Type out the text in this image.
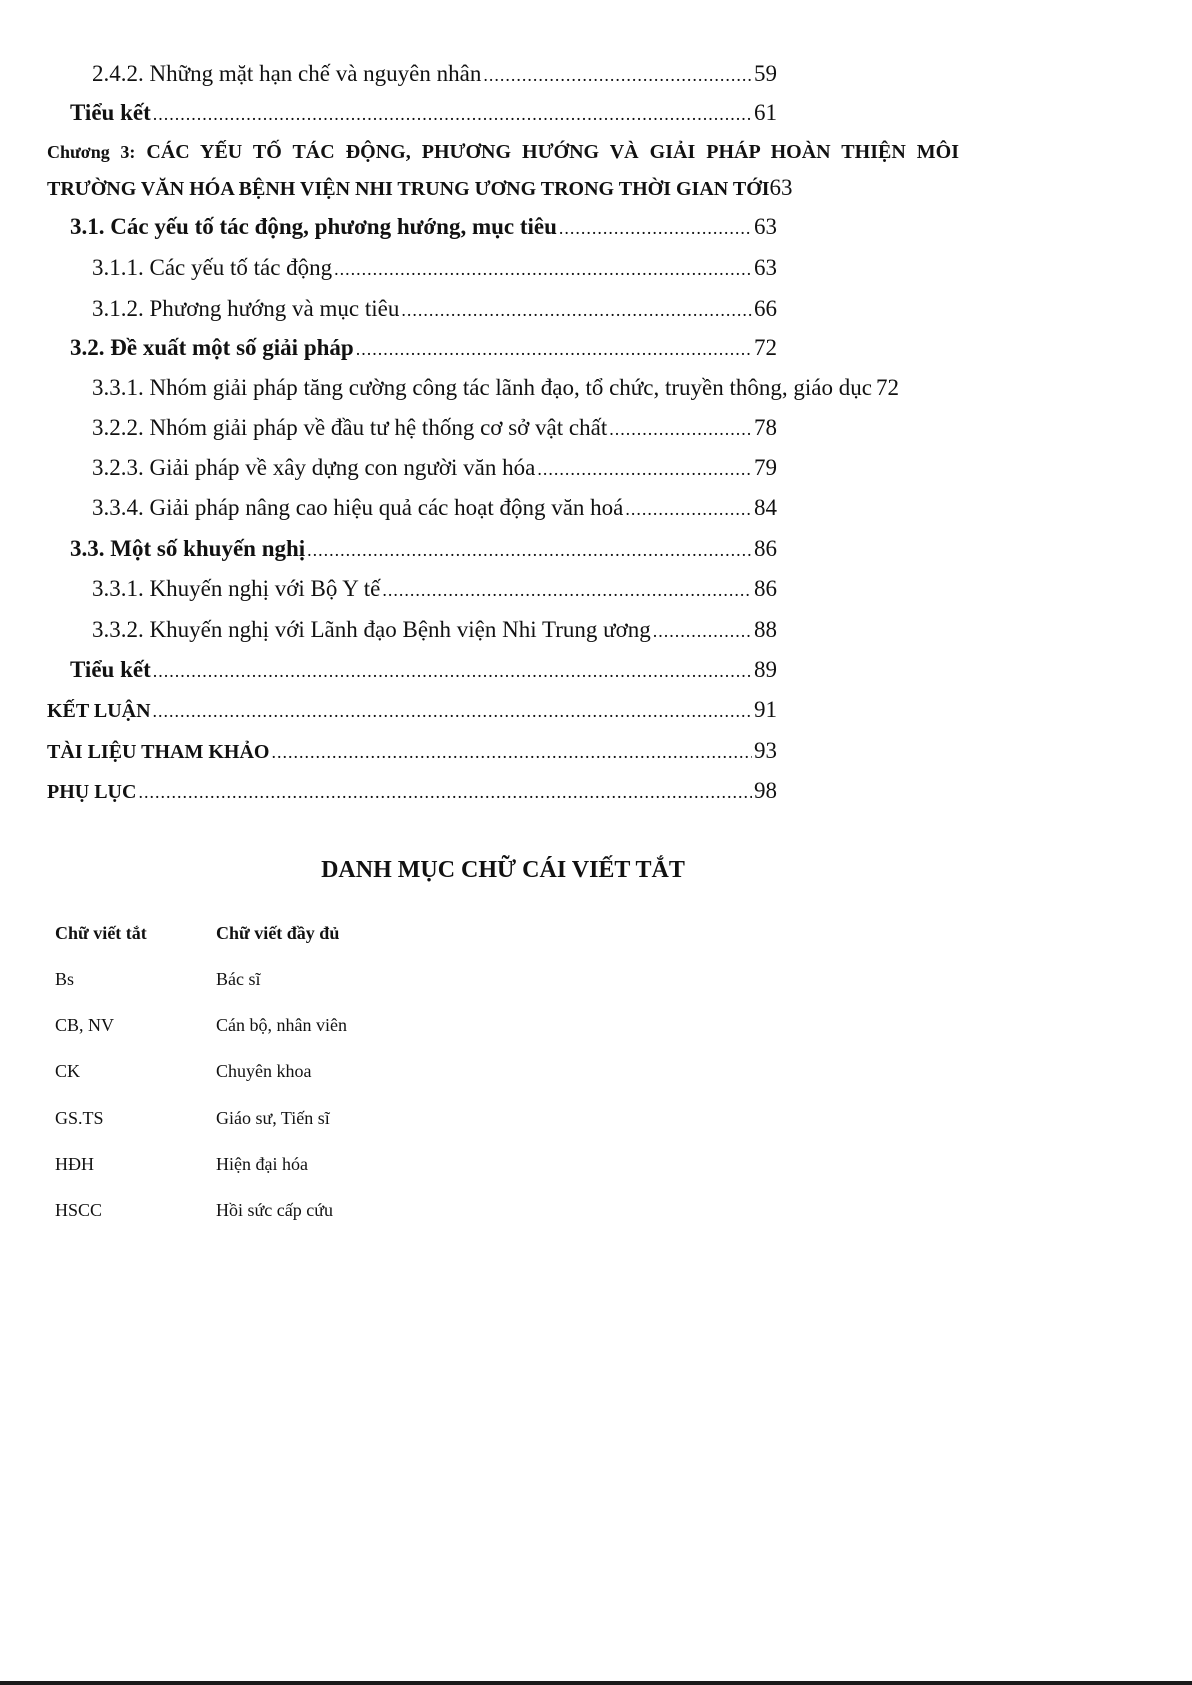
2.4.2. Những mặt hạn chế và nguyên nhân .....	59
Tiểu kết .....	61
Chương 3: CÁC YẾU TỐ TÁC ĐỘNG, PHƯƠNG HƯỚNG VÀ GIẢI PHÁP HOÀN THIỆN MÔI TRƯỜNG VĂN HÓA BỆNH VIỆN NHI TRUNG ƯƠNG TRONG THỜI GIAN TỚI63
3.1. Các yếu tố tác động, phương hướng, mục tiêu .....	63
3.1.1. Các yếu tố tác động .....	63
3.1.2. Phương hướng và mục tiêu .....	66
3.2. Đề xuất một số giải pháp .....	72
3.3.1. Nhóm giải pháp tăng cường công tác lãnh đạo, tổ chức, truyền thông, giáo dục 72
3.2.2. Nhóm giải pháp về đầu tư hệ thống cơ sở vật chất .....	78
3.2.3. Giải pháp về xây dựng con người văn hóa .....	79
3.3.4. Giải pháp nâng cao hiệu quả các hoạt động văn hoá .....	84
3.3. Một số khuyến nghị .....	86
3.3.1. Khuyến nghị với Bộ Y tế .....	86
3.3.2. Khuyến nghị với Lãnh đạo Bệnh viện Nhi Trung ương .....	88
Tiểu kết .....	89
KẾT LUẬN .....	91
TÀI LIỆU THAM KHẢO .....	93
PHỤ LỤC .....	98
DANH MỤC CHỮ CÁI VIẾT TẮT
Chữ viết tắt	Chữ viết đầy đủ
Bs	Bác sĩ
CB, NV	Cán bộ, nhân viên
CK	Chuyên khoa
GS.TS	Giáo sư, Tiến sĩ
HĐH	Hiện đại hóa
HSCC	Hồi sức cấp cứu
